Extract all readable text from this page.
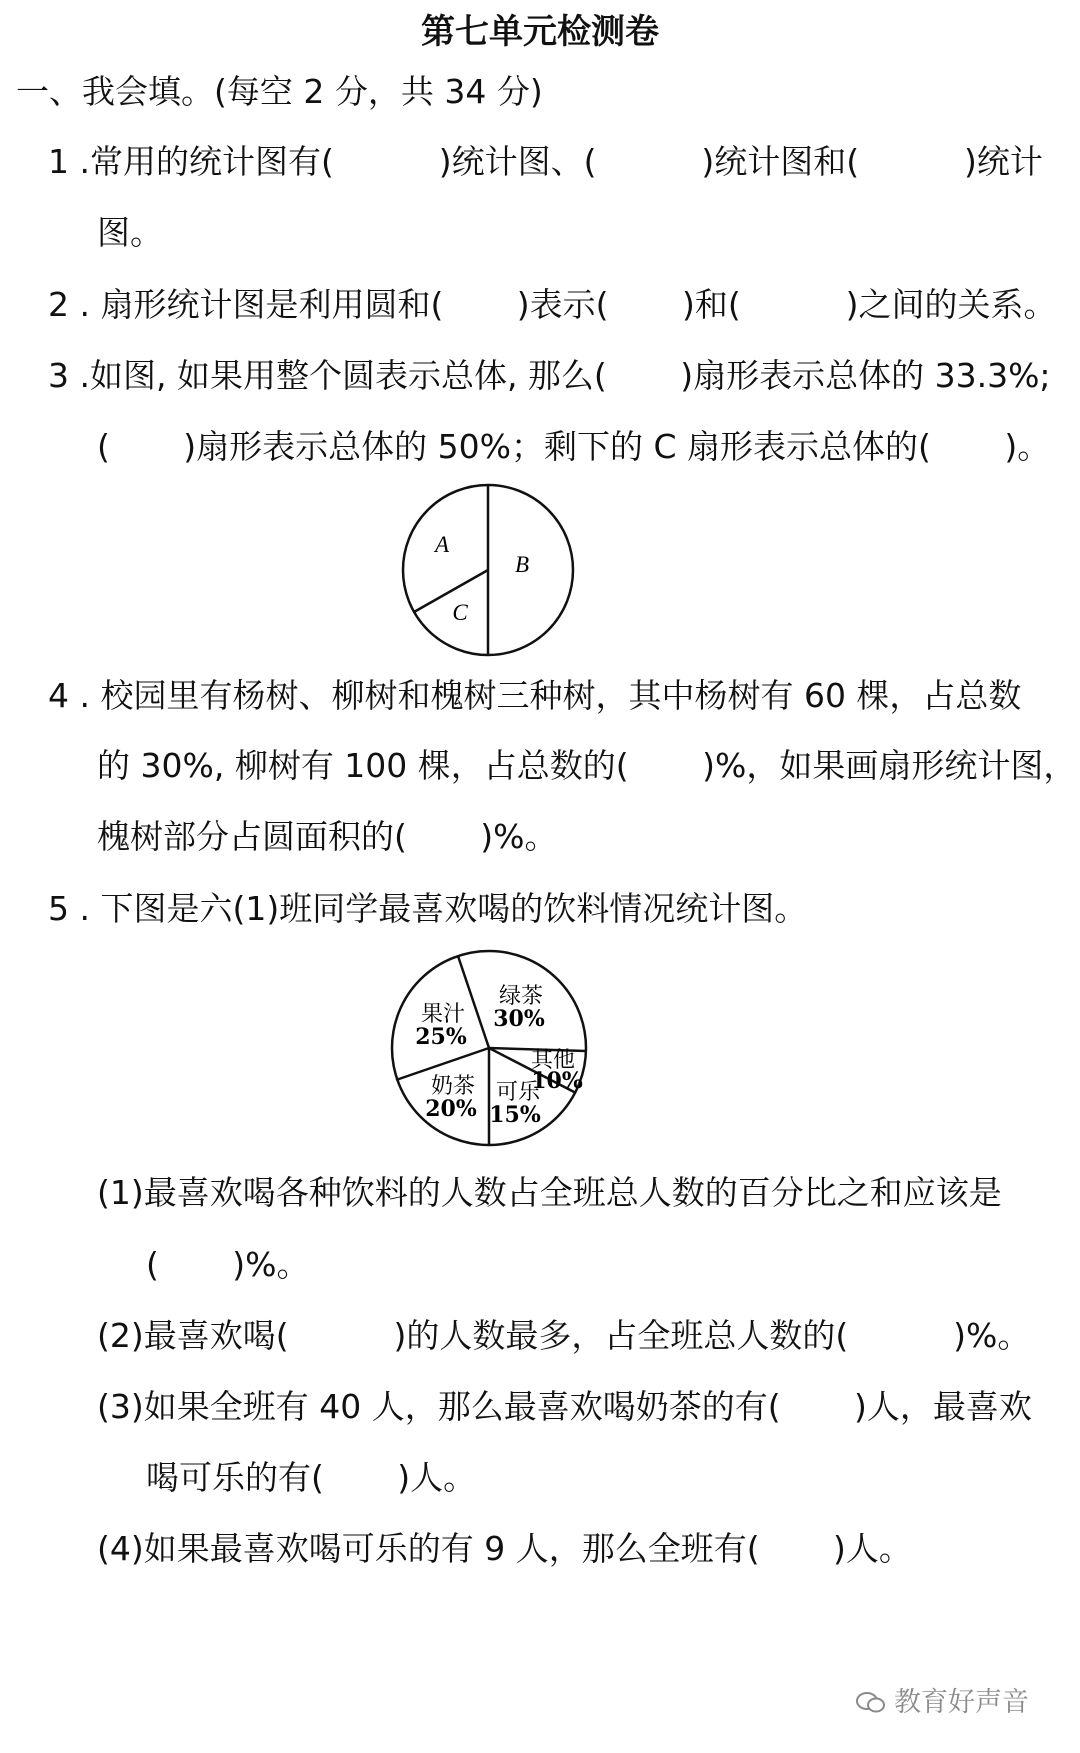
第七单元检测卷
一、我会填。(每空 2 分，共 34 分)
1 .常用的统计图有(          )统计图、(          )统计图和(          )统计
图。
2 . 扇形统计图是利用圆和(       )表示(       )和(          )之间的关系。
3 .如图, 如果用整个圆表示总体, 那么(       )扇形表示总体的 33.3%;
(       )扇形表示总体的 50%；剩下的 C 扇形表示总体的(       )。
A
B
C
4 . 校园里有杨树、柳树和槐树三种树，其中杨树有 60 棵，占总数
的 30%, 柳树有 100 棵，占总数的(       )%，如果画扇形统计图，
槐树部分占圆面积的(       )%。
5 . 下图是六(1)班同学最喜欢喝的饮料情况统计图。
绿茶
30%
其他
10%
可乐
15%
奶茶
20%
果汁
25%
(1)最喜欢喝各种饮料的人数占全班总人数的百分比之和应该是
(       )%。
(2)最喜欢喝(          )的人数最多，占全班总人数的(          )%。
(3)如果全班有 40 人，那么最喜欢喝奶茶的有(       )人，最喜欢
喝可乐的有(       )人。
(4)如果最喜欢喝可乐的有 9 人，那么全班有(       )人。
教育好声音
